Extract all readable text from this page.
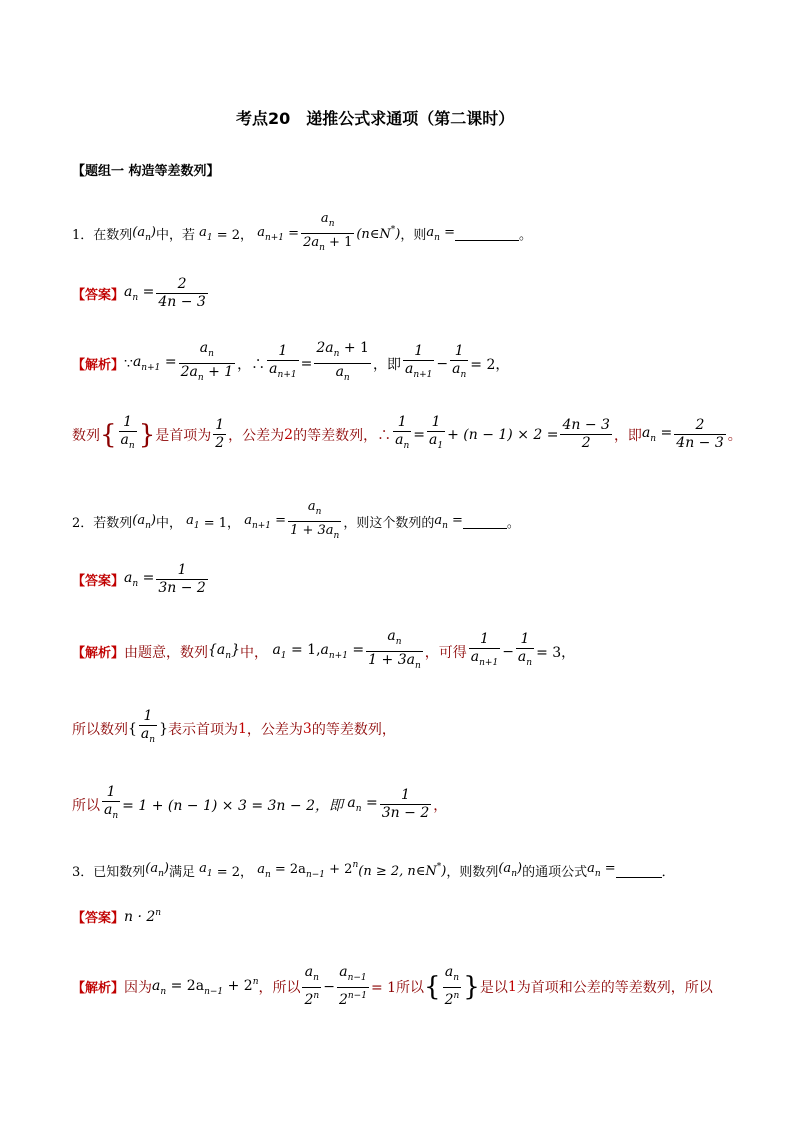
考点20　递推公式求通项（第二课时）
【题组一 构造等差数列】
1．在数列 $(a_n)$ 中，若 $a_1 = 2$， $a_{n+1} = \frac{a_n}{2a_n + 1}$ (n∈N*) ，则 $a_n$ =	。
【答案】 $a_n = \frac{2}{4n - 3}$
【解析】 ∵ $a_{n+1} = \frac{a_n}{2a_n + 1}$ ，∴ $\frac{1}{a_{n+1}} = \frac{2a_n + 1}{a_n}$ ，即 $\frac{1}{a_{n+1}} - \frac{1}{a_n} = 2$，
数列 { $\frac{1}{a_n}$ } 是首项为 $\frac{1}{2}$ ，公差为 2 的等差数列，∴ $\frac{1}{a_n} = \frac{1}{a_1} + (n - 1) \times 2 = \frac{4n - 3}{2}$ ，即 $a_n = \frac{2}{4n - 3}$ 。
2．若数列 $(a_n)$ 中， $a_1 = 1$， $a_{n+1} = \frac{a_n}{1 + 3a_n}$ ，则这个数列的 $a_n$ =	。
【答案】 $a_n = \frac{1}{3n - 2}$
【解析】 由题意，数列 $\{a_n\}$ 中， $a_1 = 1,a_{n+1} = \frac{a_n}{1 + 3a_n}$ ，可得 $\frac{1}{a_{n+1}} - \frac{1}{a_n} = 3$，
所以数列 { $\frac{1}{a_n}$ } 表示首项为 1 ，公差为 3 的等差数列，
所以 $\frac{1}{a_n} = 1 + (n - 1) \times 3 = 3n - 2$，即 $a_n = \frac{1}{3n - 2}$ ，
3．已知数列 $(a_n)$ 满足 $a_1 = 2$， $a_n = 2a_{n-1} + 2^n$ (n ≥ 2, n∈N*) ，则数列 $(a_n)$ 的通项公式 $a_n$ =	．
【答案】 $n \cdot 2^n$
【解析】 因为 $a_n = 2a_{n-1} + 2^n$ ，所以 $\frac{a_n}{2^n} - \frac{a_{n-1}}{2^{n-1}} = 1$所以 { $\frac{a_n}{2^n}$ } 是以 1 为首项和公差的等差数列，所以
